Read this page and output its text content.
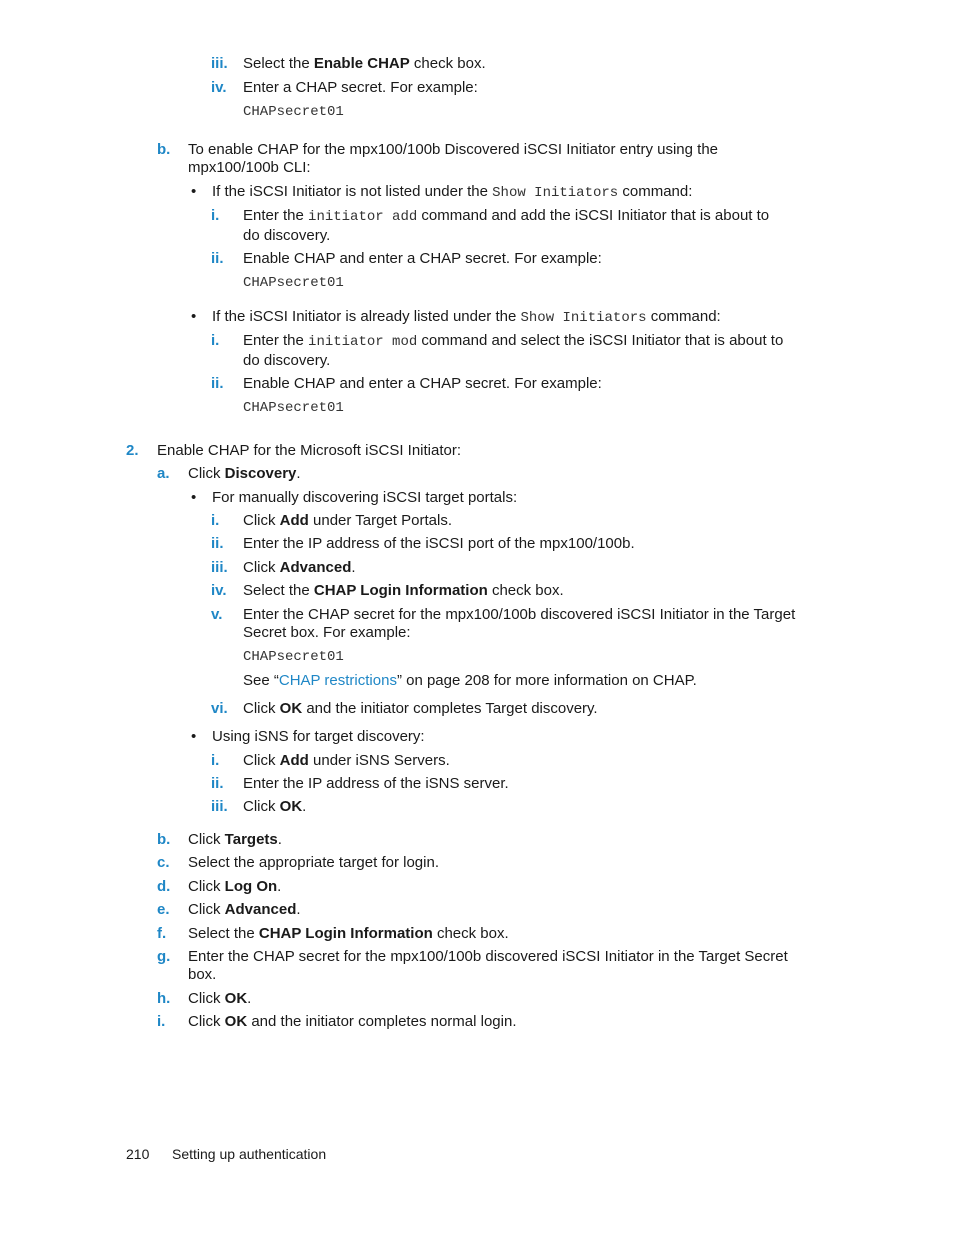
iii. Select the Enable CHAP check box.
iv. Enter a CHAP secret. For example:
CHAPsecret01
b. To enable CHAP for the mpx100/100b Discovered iSCSI Initiator entry using the
mpx100/100b CLI:
• If the iSCSI Initiator is not listed under the Show Initiators command:
i. Enter the initiator add command and add the iSCSI Initiator that is about to
do discovery.
ii. Enable CHAP and enter a CHAP secret. For example:
CHAPsecret01
• If the iSCSI Initiator is already listed under the Show Initiators command:
i. Enter the initiator mod command and select the iSCSI Initiator that is about to
do discovery.
ii. Enable CHAP and enter a CHAP secret. For example:
CHAPsecret01
2. Enable CHAP for the Microsoft iSCSI Initiator:
a. Click Discovery.
• For manually discovering iSCSI target portals:
i. Click Add under Target Portals.
ii. Enter the IP address of the iSCSI port of the mpx100/100b.
iii. Click Advanced.
iv. Select the CHAP Login Information check box.
v. Enter the CHAP secret for the mpx100/100b discovered iSCSI Initiator in the Target
Secret box. For example:
CHAPsecret01
See “CHAP restrictions” on page 208 for more information on CHAP.
vi. Click OK and the initiator completes Target discovery.
• Using iSNS for target discovery:
i. Click Add under iSNS Servers.
ii. Enter the IP address of the iSNS server.
iii. Click OK.
b. Click Targets.
c. Select the appropriate target for login.
d. Click Log On.
e. Click Advanced.
f. Select the CHAP Login Information check box.
g. Enter the CHAP secret for the mpx100/100b discovered iSCSI Initiator in the Target Secret
box.
h. Click OK.
i. Click OK and the initiator completes normal login.
210 Setting up authentication
